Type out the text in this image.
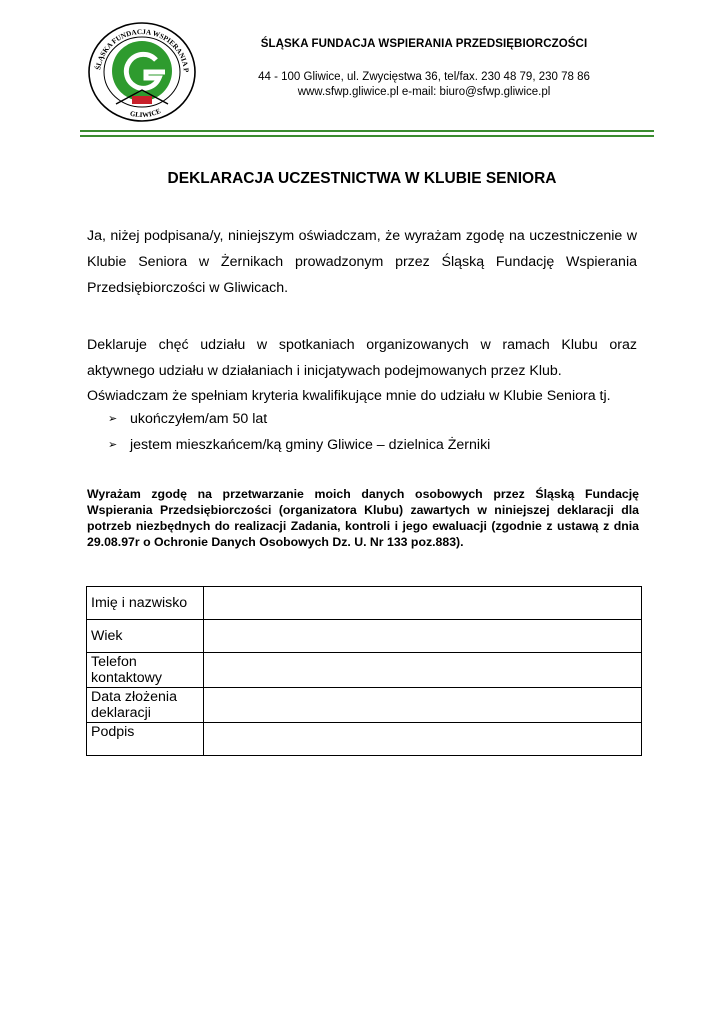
ŚLĄSKA FUNDACJA WSPIERANIA P
GLIWICE
ŚLĄSKA FUNDACJA WSPIERANIA PRZEDSIĘBIORCZOŚCI
44 - 100 Gliwice, ul. Zwycięstwa 36, tel/fax. 230 48 79, 230 78 86
www.sfwp.gliwice.pl e-mail: biuro@sfwp.gliwice.pl
DEKLARACJA UCZESTNICTWA W KLUBIE SENIORA
Ja, niżej podpisana/y, niniejszym oświadczam, że wyrażam zgodę na uczestniczenie w Klubie Seniora w Żernikach prowadzonym przez Śląską Fundację Wspierania Przedsiębiorczości w Gliwicach.
Deklaruje chęć udziału w spotkaniach organizowanych w ramach Klubu oraz aktywnego udziału w działaniach i inicjatywach podejmowanych przez Klub.
Oświadczam że spełniam kryteria kwalifikujące mnie do udziału w Klubie Seniora tj.
➢ ukończyłem/am 50 lat
➢ jestem mieszkańcem/ką gminy Gliwice – dzielnica Żerniki
Wyrażam zgodę na przetwarzanie moich danych osobowych przez Śląską Fundację Wspierania Przedsiębiorczości (organizatora Klubu) zawartych w niniejszej deklaracji dla potrzeb niezbędnych do realizacji Zadania, kontroli i jego ewaluacji (zgodnie z ustawą z dnia 29.08.97r o Ochronie Danych Osobowych Dz. U. Nr 133 poz.883).
Imię i nazwisko	
Wiek	
Telefon kontaktowy	
Data złożenia deklaracji	
Podpis	
